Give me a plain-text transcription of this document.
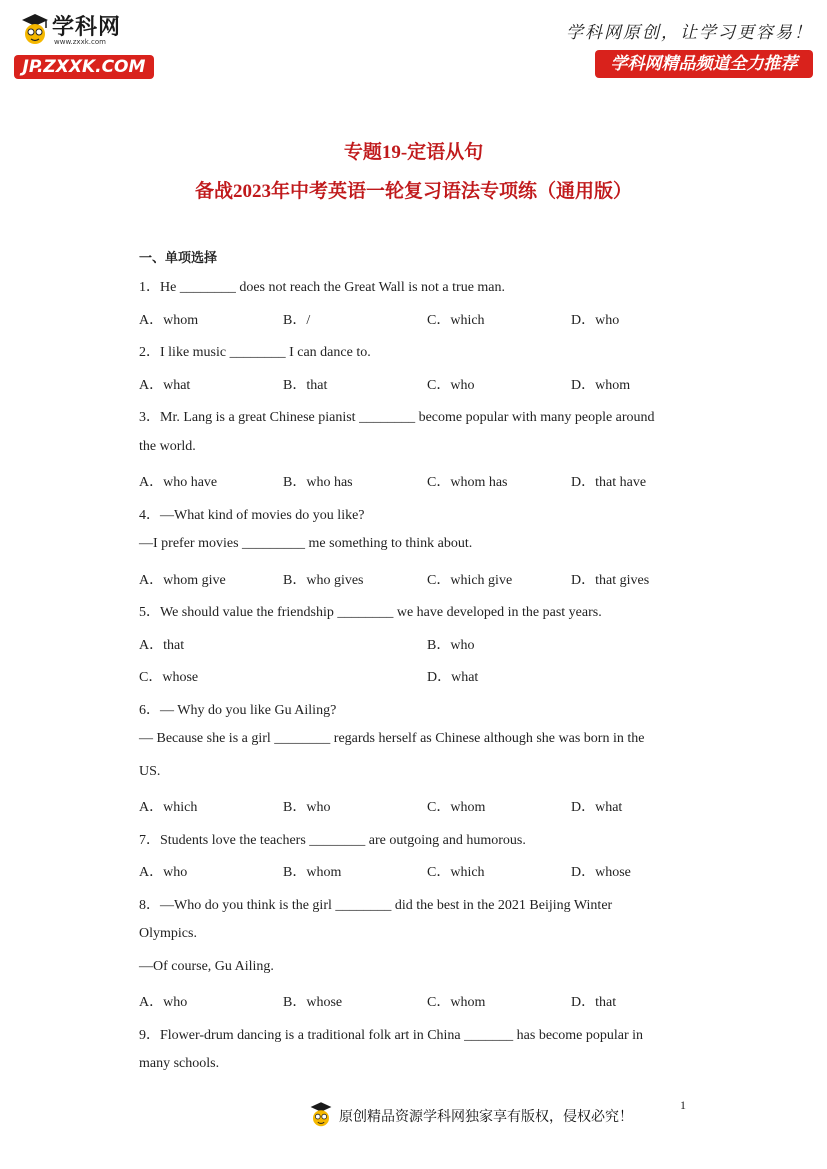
学科网
www.zxxk.com
JP.ZXXK.COM
学科网原创，让学习更容易！
学科网精品频道全力推荐
专题19-定语从句
备战2023年中考英语一轮复习语法专项练（通用版）
一、单项选择
1．He ________ does not reach the Great Wall is not a true man.
A．whom	B．/	C．which	D．who
2．I like music ________ I can dance to.
A．what	B．that	C．who	D．whom
3．Mr. Lang is a great Chinese pianist ________ become popular with many people around
the world.
A．who have	B．who has	C．whom has	D．that have
4．—What kind of movies do you like?
—I prefer movies _________ me something to think about.
A．whom give	B．who gives	C．which give	D．that gives
5．We should value the friendship ________ we have developed in the past years.
A．that	B．who
C．whose	D．what
6．— Why do you like Gu Ailing?
— Because she is a girl ________ regards herself as Chinese although she was born in the
US.
A．which	B．who	C．whom	D．what
7．Students love the teachers ________ are outgoing and humorous.
A．who	B．whom	C．which	D．whose
8．—Who do you think is the girl ________ did the best in the 2021 Beijing Winter
Olympics.
—Of course, Gu Ailing.
A．who	B．whose	C．whom	D．that
9．Flower-drum dancing is a traditional folk art in China _______ has become popular in
many schools.
1
原创精品资源学科网独家享有版权，侵权必究！
